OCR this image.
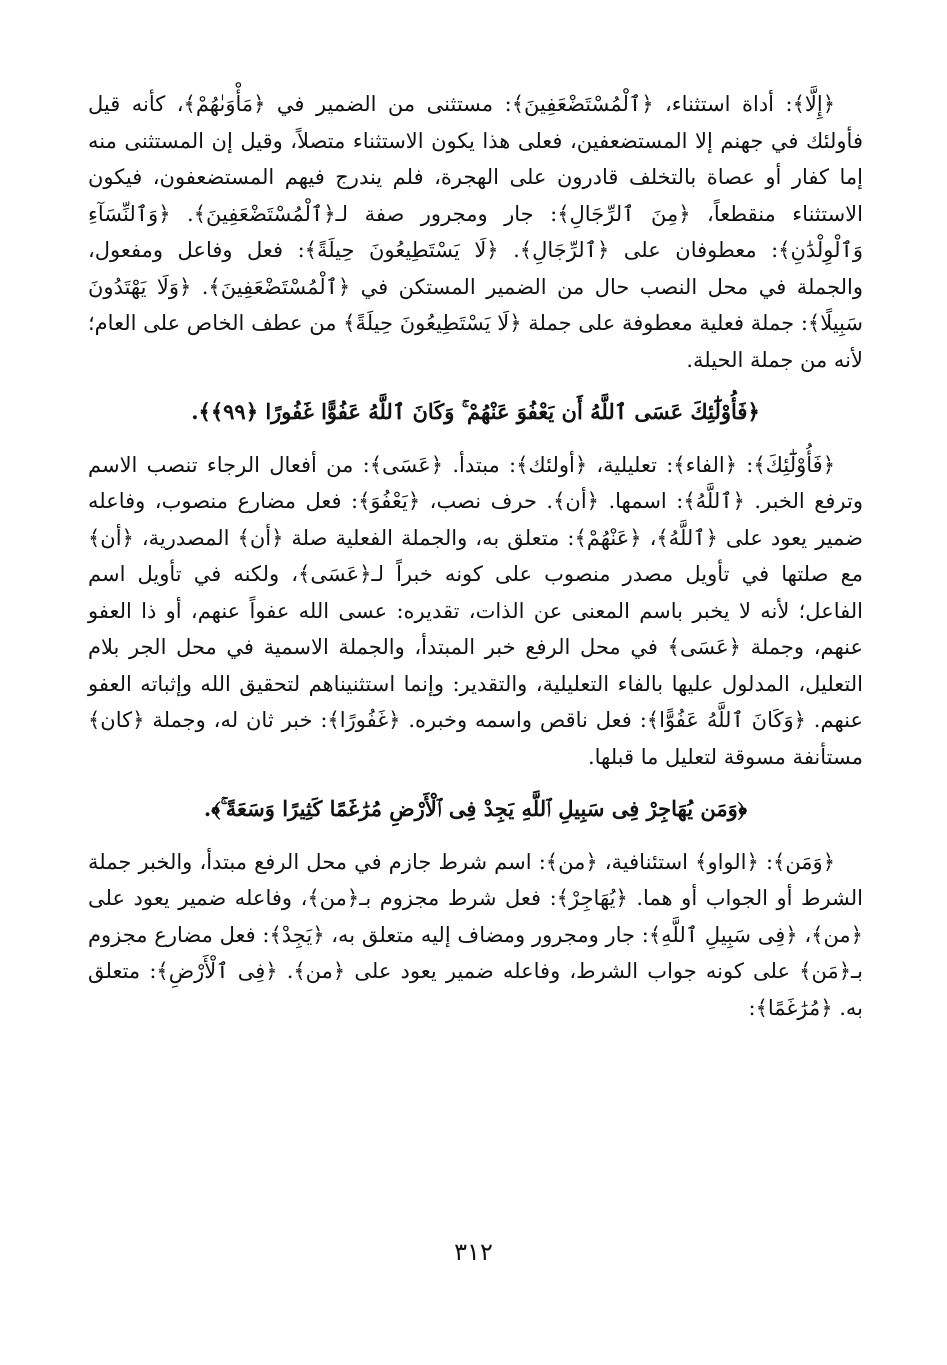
﴿إِلَّا﴾: أداة استثناء، ﴿ٱلْمُسْتَضْعَفِينَ﴾: مستثنى من الضمير في ﴿مَأْوَىٰهُمْ﴾، كأنه قيل فأولئك في جهنم إلا المستضعفين، فعلى هذا يكون الاستثناء متصلاً، وقيل إن المستثنى منه إما كفار أو عصاة بالتخلف قادرون على الهجرة، فلم يندرج فيهم المستضعفون، فيكون الاستثناء منقطعاً، ﴿مِنَ ٱلرِّجَالِ﴾: جار ومجرور صفة لـ﴿ٱلْمُسْتَضْعَفِينَ﴾. ﴿وَٱلنِّسَآءِ وَٱلْوِلْدَٰنِ﴾: معطوفان على ﴿ٱلرِّجَالِ﴾. ﴿لَا يَسْتَطِيعُونَ حِيلَةً﴾: فعل وفاعل ومفعول، والجملة في محل النصب حال من الضمير المستكن في ﴿ٱلْمُسْتَضْعَفِينَ﴾. ﴿وَلَا يَهْتَدُونَ سَبِيلًا﴾: جملة فعلية معطوفة على جملة ﴿لَا يَسْتَطِيعُونَ حِيلَةً﴾ من عطف الخاص على العام؛ لأنه من جملة الحيلة.

﴿فَأُوْلَٰٓئِكَ عَسَى ٱللَّهُ أَن يَعْفُوَ عَنْهُمْ ۚ وَكَانَ ٱللَّهُ عَفُوًّا غَفُورًا ﴿٩٩﴾﴾.

﴿فَأُوْلَٰٓئِكَ﴾: ﴿الفاء﴾: تعليلية، ﴿أولئك﴾: مبتدأ. ﴿عَسَى﴾: من أفعال الرجاء تنصب الاسم وترفع الخبر. ﴿ٱللَّهُ﴾: اسمها. ﴿أن﴾. حرف نصب، ﴿يَعْفُوَ﴾: فعل مضارع منصوب، وفاعله ضمير يعود على ﴿ٱللَّهُ﴾، ﴿عَنْهُمْ﴾: متعلق به، والجملة الفعلية صلة ﴿أن﴾ المصدرية، ﴿أن﴾ مع صلتها في تأويل مصدر منصوب على كونه خبراً لـ﴿عَسَى﴾، ولكنه في تأويل اسم الفاعل؛ لأنه لا يخبر باسم المعنى عن الذات، تقديره: عسى الله عفواً عنهم، أو ذا العفو عنهم، وجملة ﴿عَسَى﴾ في محل الرفع خبر المبتدأ، والجملة الاسمية في محل الجر بلام التعليل، المدلول عليها بالفاء التعليلية، والتقدير: وإنما استثنيناهم لتحقيق الله وإثباته العفو عنهم. ﴿وَكَانَ ٱللَّهُ عَفُوًّا﴾: فعل ناقص واسمه وخبره. ﴿غَفُورًا﴾: خبر ثان له، وجملة ﴿كان﴾ مستأنفة مسوقة لتعليل ما قبلها.

﴿وَمَن يُهَاجِرْ فِى سَبِيلِ ٱللَّهِ يَجِدْ فِى ٱلْأَرْضِ مُرَٰغَمًا كَثِيرًا وَسَعَةً ۚ﴾.

﴿وَمَن﴾: ﴿الواو﴾ استئنافية، ﴿من﴾: اسم شرط جازم في محل الرفع مبتدأ، والخبر جملة الشرط أو الجواب أو هما. ﴿يُهَاجِرْ﴾: فعل شرط مجزوم بـ﴿من﴾، وفاعله ضمير يعود على ﴿من﴾، ﴿فِى سَبِيلِ ٱللَّهِ﴾: جار ومجرور ومضاف إليه متعلق به، ﴿يَجِدْ﴾: فعل مضارع مجزوم بـ﴿مَن﴾ على كونه جواب الشرط، وفاعله ضمير يعود على ﴿من﴾. ﴿فِى ٱلْأَرْضِ﴾: متعلق به. ﴿مُرَٰغَمًا﴾:

٣١٢
